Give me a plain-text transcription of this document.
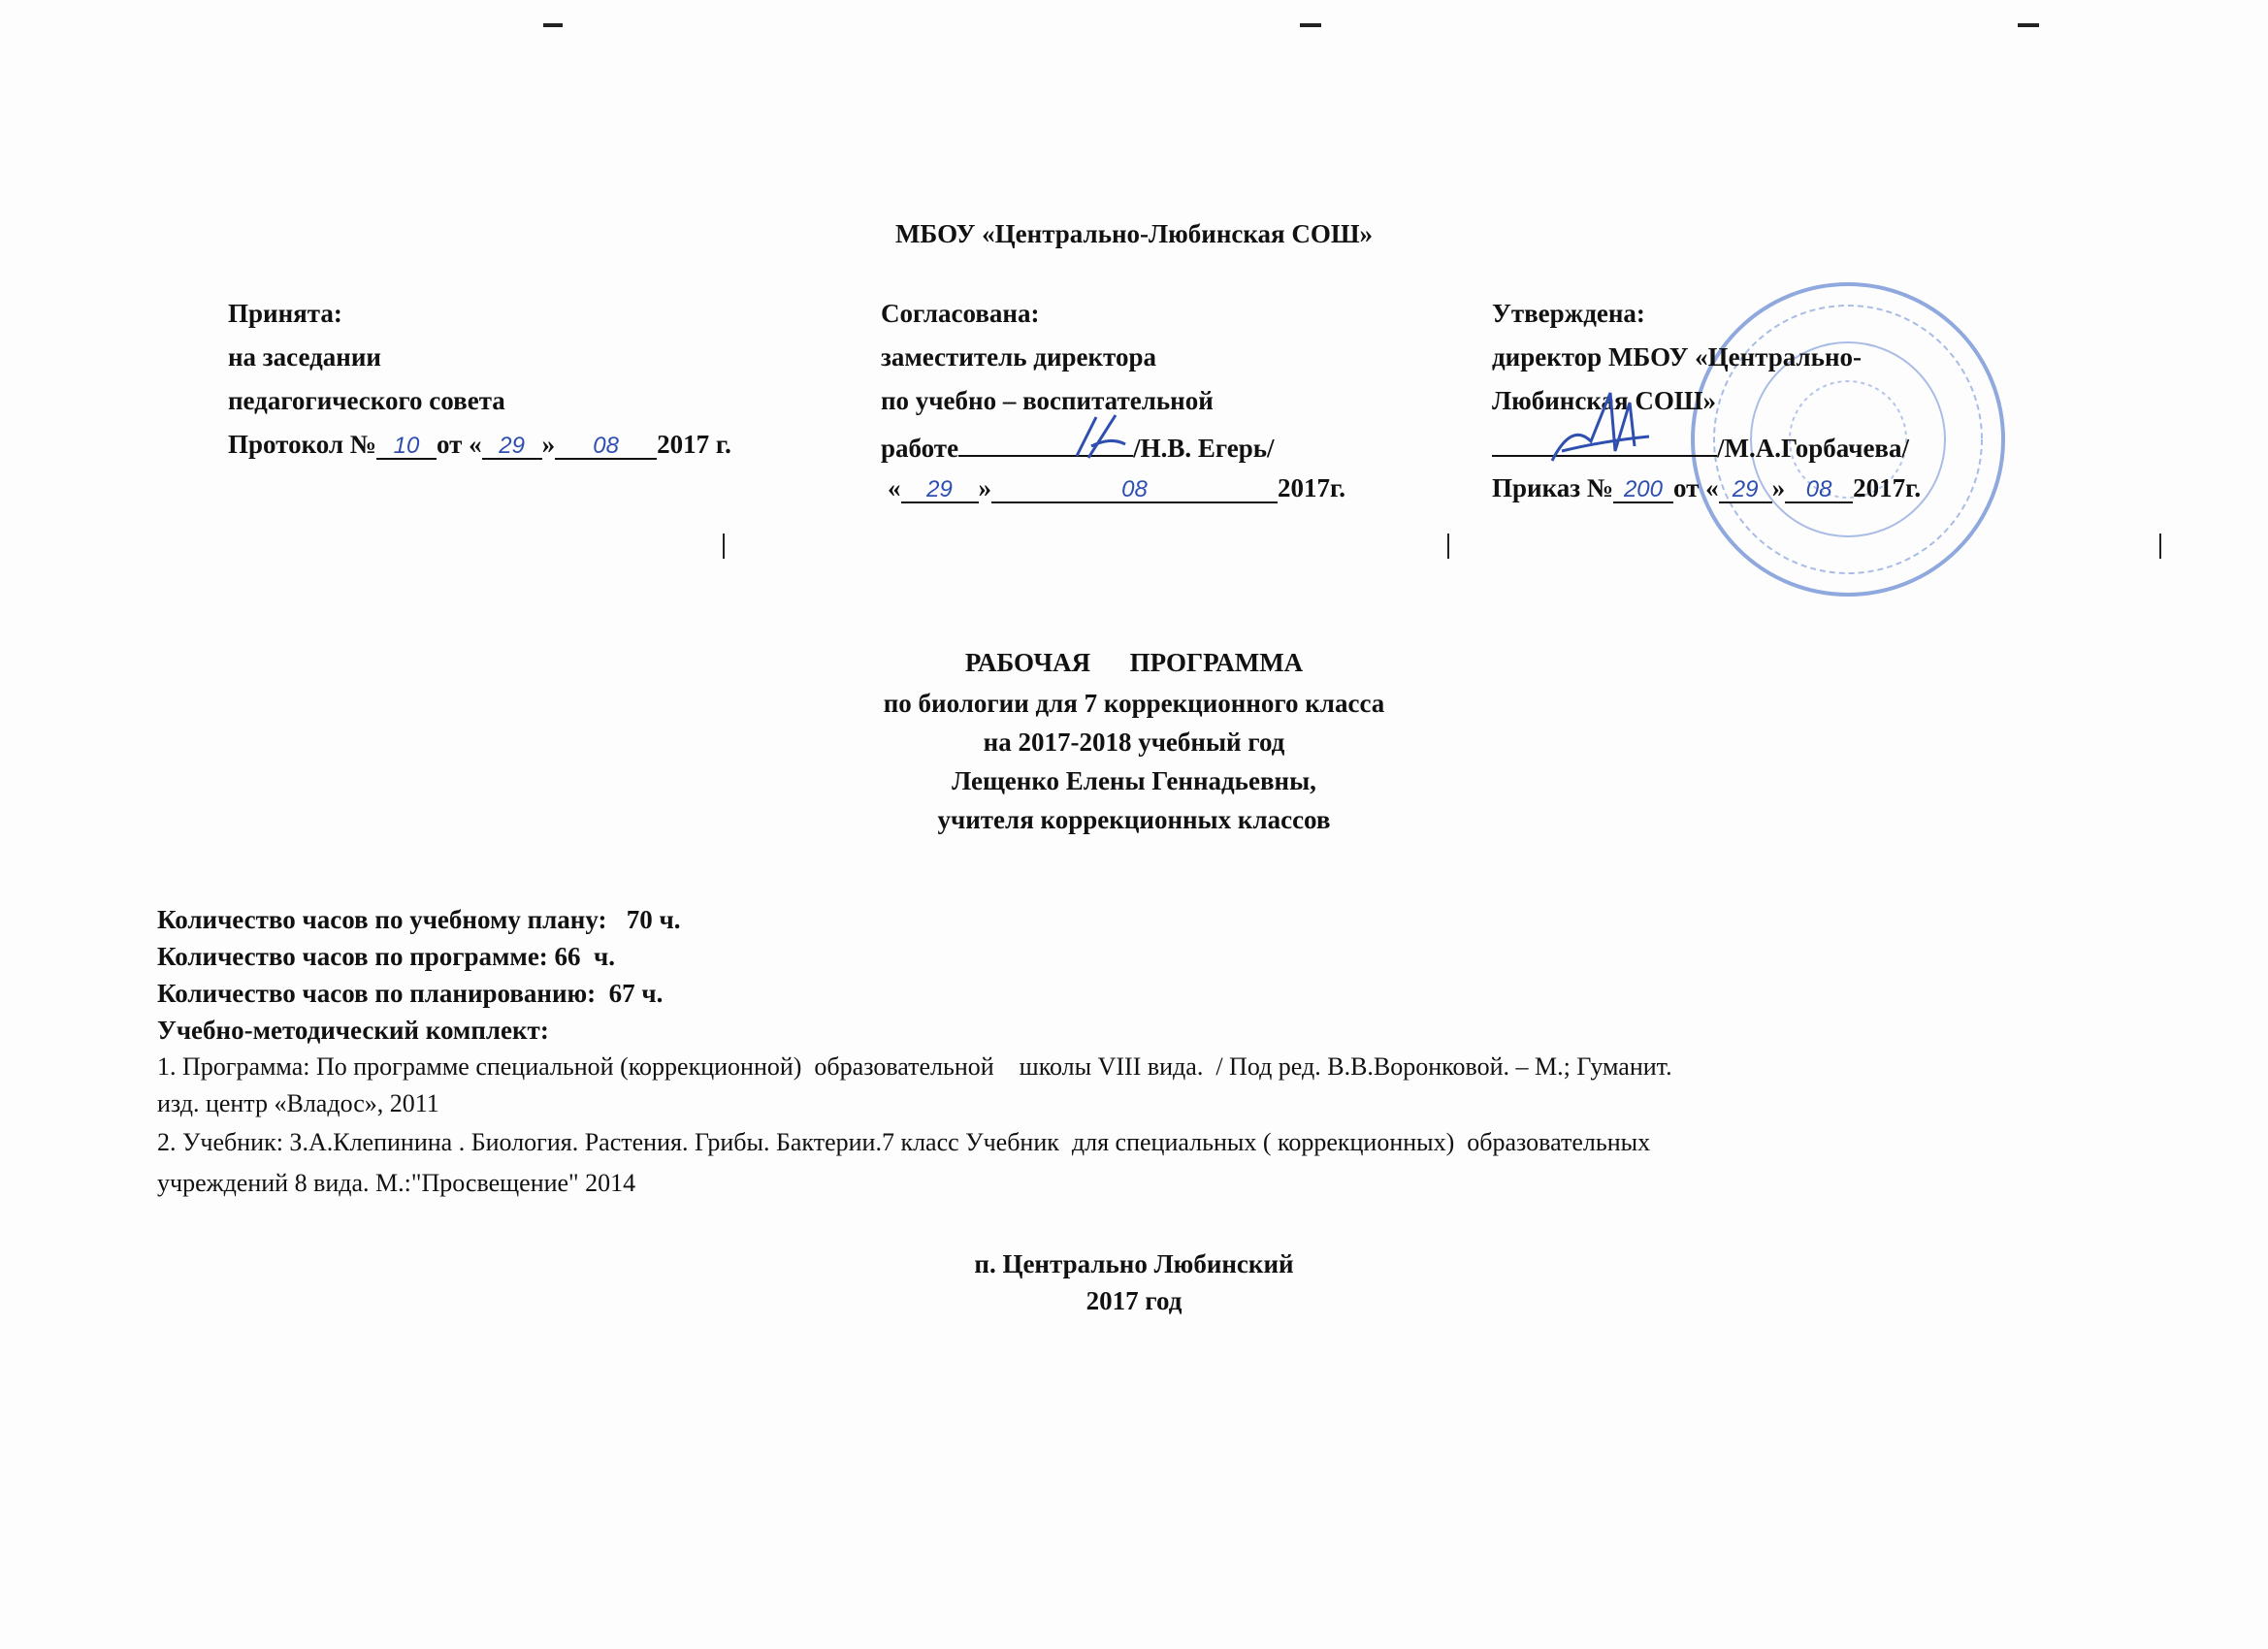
МБОУ «Центрально-Любинская СОШ»
Принята:
на заседании
педагогического совета
Протокол № 10 от « 29 » 08 2017 г.
Согласована:
заместитель директора
по учебно – воспитательной
работе	/Н.В. Егерь/
« 29 »	08	2017г.
Утверждена:
директор МБОУ «Центрально-
Любинская СОШ»
/М.А.Горбачева/
Приказ № 200 от « 29 » 08 2017г.
РАБОЧАЯ      ПРОГРАММА
по биологии для 7 коррекционного класса
на 2017-2018 учебный год
Лещенко Елены Геннадьевны,
учителя коррекционных классов
Количество часов по учебному плану:   70 ч.
Количество часов по программе: 66  ч.
Количество часов по планированию:  67 ч.
Учебно-методический комплект:
1. Программа: По программе специальной (коррекционной)  образовательной    школы VIII вида.  / Под ред. В.В.Воронковой. – М.; Гуманит.
изд. центр «Владос», 2011
2. Учебник: З.А.Клепинина . Биология. Растения. Грибы. Бактерии.7 класс Учебник  для специальных ( коррекционных)  образовательных
учреждений 8 вида. М.:"Просвещение" 2014
п. Центрально Любинский
2017 год
